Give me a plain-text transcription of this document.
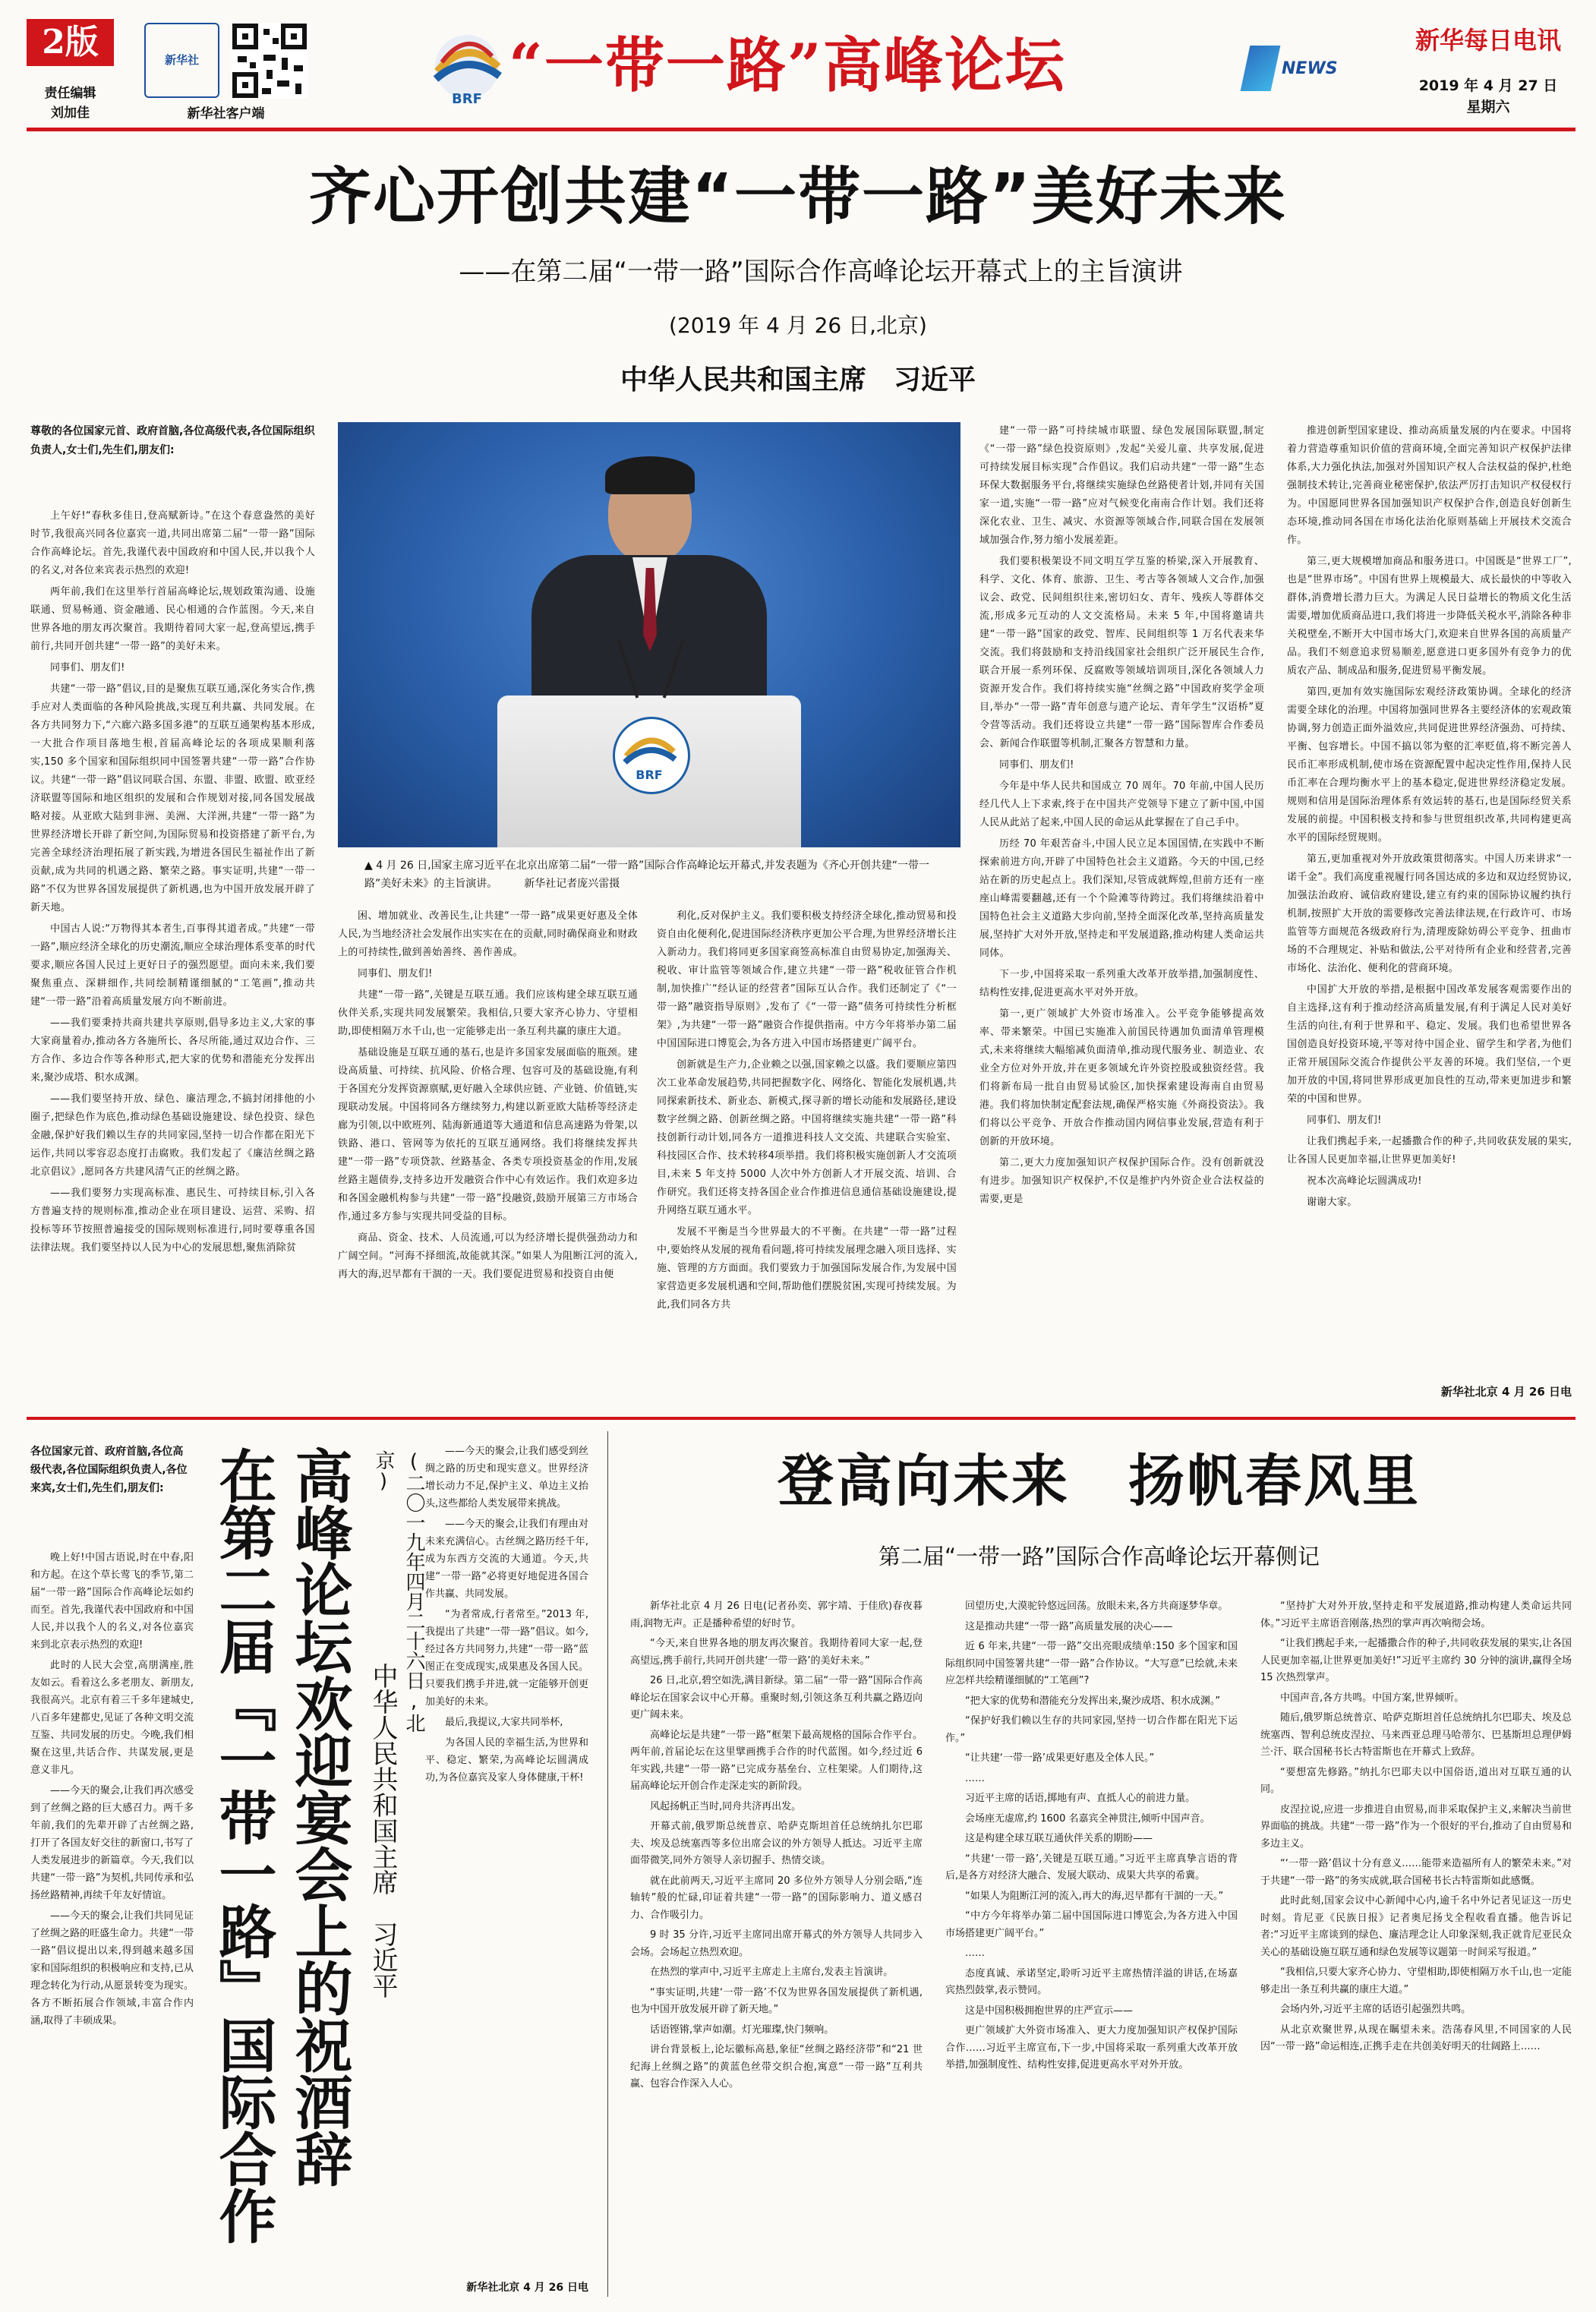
2版
责任编辑
刘加佳
新华社
新华社客户端
BRF “一带一路”高峰论坛	NEWS
新华每日电讯
2019 年 4 月 27 日
星期六
齐心开创共建“一带一路”美好未来
——在第二届“一带一路”国际合作高峰论坛开幕式上的主旨演讲
(2019 年 4 月 26 日,北京)
中华人民共和国主席　习近平
尊敬的各位国家元首、政府首脑,各位高级代表,各位国际组织负责人,女士们,先生们,朋友们:

上午好!“春秋多佳日,登高赋新诗。”在这个春意盎然的美好时节,我很高兴同各位嘉宾一道,共同出席第二届“一带一路”国际合作高峰论坛。首先,我谨代表中国政府和中国人民,并以我个人的名义,对各位来宾表示热烈的欢迎!

两年前,我们在这里举行首届高峰论坛,规划政策沟通、设施联通、贸易畅通、资金融通、民心相通的合作蓝图。今天,来自世界各地的朋友再次聚首。我期待着同大家一起,登高望远,携手前行,共同开创共建“一带一路”的美好未来。

同事们、朋友们!

共建“一带一路”倡议,目的是聚焦互联互通,深化务实合作,携手应对人类面临的各种风险挑战,实现互利共赢、共同发展。在各方共同努力下,“六廊六路多国多港”的互联互通架构基本形成,一大批合作项目落地生根,首届高峰论坛的各项成果顺利落实,150 多个国家和国际组织同中国签署共建“一带一路”合作协议。共建“一带一路”倡议同联合国、东盟、非盟、欧盟、欧亚经济联盟等国际和地区组织的发展和合作规划对接,同各国发展战略对接。从亚欧大陆到非洲、美洲、大洋洲,共建“一带一路”为世界经济增长开辟了新空间,为国际贸易和投资搭建了新平台,为完善全球经济治理拓展了新实践,为增进各国民生福祉作出了新贡献,成为共同的机遇之路、繁荣之路。事实证明,共建“一带一路”不仅为世界各国发展提供了新机遇,也为中国开放发展开辟了新天地。

中国古人说:“万物得其本者生,百事得其道者成。”共建“一带一路”,顺应经济全球化的历史潮流,顺应全球治理体系变革的时代要求,顺应各国人民过上更好日子的强烈愿望。面向未来,我们要聚焦重点、深耕细作,共同绘制精谨细腻的“工笔画”,推动共建“一带一路”沿着高质量发展方向不断前进。

——我们要秉持共商共建共享原则,倡导多边主义,大家的事大家商量着办,推动各方各施所长、各尽所能,通过双边合作、三方合作、多边合作等各种形式,把大家的优势和潜能充分发挥出来,聚沙成塔、积水成渊。

——我们要坚持开放、绿色、廉洁理念,不搞封闭排他的小圈子,把绿色作为底色,推动绿色基础设施建设、绿色投资、绿色金融,保护好我们赖以生存的共同家园,坚持一切合作都在阳光下运作,共同以零容忍态度打击腐败。我们发起了《廉洁丝绸之路北京倡议》,愿同各方共建风清气正的丝绸之路。

——我们要努力实现高标准、惠民生、可持续目标,引入各方普遍支持的规则标准,推动企业在项目建设、运营、采购、招投标等环节按照普遍接受的国际规则标准进行,同时要尊重各国法律法规。我们要坚持以人民为中心的发展思想,聚焦消除贫

BRF
▲ 4 月 26 日,国家主席习近平在北京出席第二届“一带一路”国际合作高峰论坛开幕式,并发表题为《齐心开创共建“一带一路”美好未来》的主旨演讲。　　　新华社记者庞兴雷摄

困、增加就业、改善民生,让共建“一带一路”成果更好惠及全体人民,为当地经济社会发展作出实实在在的贡献,同时确保商业和财政上的可持续性,做到善始善终、善作善成。

同事们、朋友们!

共建“一带一路”,关键是互联互通。我们应该构建全球互联互通伙伴关系,实现共同发展繁荣。我相信,只要大家齐心协力、守望相助,即使相隔万水千山,也一定能够走出一条互利共赢的康庄大道。

基础设施是互联互通的基石,也是许多国家发展面临的瓶颈。建设高质量、可持续、抗风险、价格合理、包容可及的基础设施,有利于各国充分发挥资源禀赋,更好融入全球供应链、产业链、价值链,实现联动发展。中国将同各方继续努力,构建以新亚欧大陆桥等经济走廊为引领,以中欧班列、陆海新通道等大通道和信息高速路为骨架,以铁路、港口、管网等为依托的互联互通网络。我们将继续发挥共建“一带一路”专项贷款、丝路基金、各类专项投资基金的作用,发展丝路主题债券,支持多边开发融资合作中心有效运作。我们欢迎多边和各国金融机构参与共建“一带一路”投融资,鼓励开展第三方市场合作,通过多方参与实现共同受益的目标。

商品、资金、技术、人员流通,可以为经济增长提供强劲动力和广阔空间。“河海不择细流,故能就其深。”如果人为阻断江河的流入,再大的海,迟早都有干涸的一天。我们要促进贸易和投资自由便

利化,反对保护主义。我们要积极支持经济全球化,推动贸易和投资自由化便利化,促进国际经济秩序更加公平合理,为世界经济增长注入新动力。我们将同更多国家商签高标准自由贸易协定,加强海关、税收、审计监管等领域合作,建立共建“一带一路”税收征管合作机制,加快推广“经认证的经营者”国际互认合作。我们还制定了《“一带一路”融资指导原则》,发布了《“一带一路”债务可持续性分析框架》,为共建“一带一路”融资合作提供指南。中方今年将举办第二届中国国际进口博览会,为各方进入中国市场搭建更广阔平台。

创新就是生产力,企业赖之以强,国家赖之以盛。我们要顺应第四次工业革命发展趋势,共同把握数字化、网络化、智能化发展机遇,共同探索新技术、新业态、新模式,探寻新的增长动能和发展路径,建设数字丝绸之路、创新丝绸之路。中国将继续实施共建“一带一路”科技创新行动计划,同各方一道推进科技人文交流、共建联合实验室、科技园区合作、技术转移4项举措。我们将积极实施创新人才交流项目,未来 5 年支持 5000 人次中外方创新人才开展交流、培训、合作研究。我们还将支持各国企业合作推进信息通信基础设施建设,提升网络互联互通水平。

发展不平衡是当今世界最大的不平衡。在共建“一带一路”过程中,要始终从发展的视角看问题,将可持续发展理念融入项目选择、实施、管理的方方面面。我们要致力于加强国际发展合作,为发展中国家营造更多发展机遇和空间,帮助他们摆脱贫困,实现可持续发展。为此,我们同各方共

建“一带一路”可持续城市联盟、绿色发展国际联盟,制定《“一带一路”绿色投资原则》,发起“关爱儿童、共享发展,促进可持续发展目标实现”合作倡议。我们启动共建“一带一路”生态环保大数据服务平台,将继续实施绿色丝路使者计划,并同有关国家一道,实施“一带一路”应对气候变化南南合作计划。我们还将深化农业、卫生、减灾、水资源等领域合作,同联合国在发展领域加强合作,努力缩小发展差距。

我们要积极架设不同文明互学互鉴的桥梁,深入开展教育、科学、文化、体育、旅游、卫生、考古等各领域人文合作,加强议会、政党、民间组织往来,密切妇女、青年、残疾人等群体交流,形成多元互动的人文交流格局。未来 5 年,中国将邀请共建“一带一路”国家的政党、智库、民间组织等 1 万名代表来华交流。我们将鼓励和支持沿线国家社会组织广泛开展民生合作,联合开展一系列环保、反腐败等领域培训项目,深化各领域人力资源开发合作。我们将持续实施“丝绸之路”中国政府奖学金项目,举办“一带一路”青年创意与遗产论坛、青年学生“汉语桥”夏令营等活动。我们还将设立共建“一带一路”国际智库合作委员会、新闻合作联盟等机制,汇聚各方智慧和力量。

同事们、朋友们!

今年是中华人民共和国成立 70 周年。70 年前,中国人民历经几代人上下求索,终于在中国共产党领导下建立了新中国,中国人民从此站了起来,中国人民的命运从此掌握在了自己手中。

历经 70 年艰苦奋斗,中国人民立足本国国情,在实践中不断探索前进方向,开辟了中国特色社会主义道路。今天的中国,已经站在新的历史起点上。我们深知,尽管成就辉煌,但前方还有一座座山峰需要翻越,还有一个个险滩等待跨过。我们将继续沿着中国特色社会主义道路大步向前,坚持全面深化改革,坚持高质量发展,坚持扩大对外开放,坚持走和平发展道路,推动构建人类命运共同体。

下一步,中国将采取一系列重大改革开放举措,加强制度性、结构性安排,促进更高水平对外开放。

第一,更广领域扩大外资市场准入。公平竞争能够提高效率、带来繁荣。中国已实施准入前国民待遇加负面清单管理模式,未来将继续大幅缩减负面清单,推动现代服务业、制造业、农业全方位对外开放,并在更多领域允许外资控股或独资经营。我们将新布局一批自由贸易试验区,加快探索建设海南自由贸易港。我们将加快制定配套法规,确保严格实施《外商投资法》。我们将以公平竞争、开放合作推动国内网信事业发展,营造有利于创新的开放环境。

第二,更大力度加强知识产权保护国际合作。没有创新就没有进步。加强知识产权保护,不仅是维护内外资企业合法权益的需要,更是

推进创新型国家建设、推动高质量发展的内在要求。中国将着力营造尊重知识价值的营商环境,全面完善知识产权保护法律体系,大力强化执法,加强对外国知识产权人合法权益的保护,杜绝强制技术转让,完善商业秘密保护,依法严厉打击知识产权侵权行为。中国愿同世界各国加强知识产权保护合作,创造良好创新生态环境,推动同各国在市场化法治化原则基础上开展技术交流合作。

第三,更大规模增加商品和服务进口。中国既是“世界工厂”,也是“世界市场”。中国有世界上规模最大、成长最快的中等收入群体,消费增长潜力巨大。为满足人民日益增长的物质文化生活需要,增加优质商品进口,我们将进一步降低关税水平,消除各种非关税壁垒,不断开大中国市场大门,欢迎来自世界各国的高质量产品。我们不刻意追求贸易顺差,愿意进口更多国外有竞争力的优质农产品、制成品和服务,促进贸易平衡发展。

第四,更加有效实施国际宏观经济政策协调。全球化的经济需要全球化的治理。中国将加强同世界各主要经济体的宏观政策协调,努力创造正面外溢效应,共同促进世界经济强劲、可持续、平衡、包容增长。中国不搞以邻为壑的汇率贬值,将不断完善人民币汇率形成机制,使市场在资源配置中起决定性作用,保持人民币汇率在合理均衡水平上的基本稳定,促进世界经济稳定发展。规则和信用是国际治理体系有效运转的基石,也是国际经贸关系发展的前提。中国积极支持和参与世贸组织改革,共同构建更高水平的国际经贸规则。

第五,更加重视对外开放政策贯彻落实。中国人历来讲求“一诺千金”。我们高度重视履行同各国达成的多边和双边经贸协议,加强法治政府、诚信政府建设,建立有约束的国际协议履约执行机制,按照扩大开放的需要修改完善法律法规,在行政许可、市场监管等方面规范各级政府行为,清理废除妨碍公平竞争、扭曲市场的不合理规定、补贴和做法,公平对待所有企业和经营者,完善市场化、法治化、便利化的营商环境。

中国扩大开放的举措,是根据中国改革发展客观需要作出的自主选择,这有利于推动经济高质量发展,有利于满足人民对美好生活的向往,有利于世界和平、稳定、发展。我们也希望世界各国创造良好投资环境,平等对待中国企业、留学生和学者,为他们正常开展国际交流合作提供公平友善的环境。我们坚信,一个更加开放的中国,将同世界形成更加良性的互动,带来更加进步和繁荣的中国和世界。

同事们、朋友们!

让我们携起手来,一起播撒合作的种子,共同收获发展的果实,让各国人民更加幸福,让世界更加美好!

祝本次高峰论坛圆满成功!

谢谢大家。

新华社北京 4 月 26 日电
各位国家元首、政府首脑,各位高级代表,各位国际组织负责人,各位来宾,女士们,先生们,朋友们:

晚上好!中国古语说,时在中春,阳和方起。在这个草长莺飞的季节,第二届“一带一路”国际合作高峰论坛如约而至。首先,我谨代表中国政府和中国人民,并以我个人的名义,对各位嘉宾来到北京表示热烈的欢迎!

此时的人民大会堂,高朋满座,胜友如云。看着这么多老朋友、新朋友,我很高兴。北京有着三千多年建城史,八百多年建都史,见证了各种文明交流互鉴、共同发展的历史。今晚,我们相聚在这里,共话合作、共谋发展,更是意义非凡。

——今天的聚会,让我们再次感受到了丝绸之路的巨大感召力。两千多年前,我们的先辈开辟了古丝绸之路,打开了各国友好交往的新窗口,书写了人类发展进步的新篇章。今天,我们以共建“一带一路”为契机,共同传承和弘扬丝路精神,再续千年友好情谊。

——今天的聚会,让我们共同见证了丝绸之路的旺盛生命力。共建“一带一路”倡议提出以来,得到越来越多国家和国际组织的积极响应和支持,已从理念转化为行动,从愿景转变为现实。各方不断拓展合作领域,丰富合作内涵,取得了丰硕成果。	在第二届『一带一路』国际合作 高峰论坛欢迎宴会上的祝酒辞 中华人民共和国主席　习近平
(二〇一九年四月二十六日,北京)	——今天的聚会,让我们感受到丝绸之路的历史和现实意义。世界经济增长动力不足,保护主义、单边主义抬头,这些都给人类发展带来挑战。

——今天的聚会,让我们有理由对未来充满信心。古丝绸之路历经千年,成为东西方交流的大通道。今天,共建“一带一路”必将更好地促进各国合作共赢、共同发展。

“为者常成,行者常至。”2013 年,我提出了共建“一带一路”倡议。如今,经过各方共同努力,共建“一带一路”蓝图正在变成现实,成果惠及各国人民。只要我们携手并进,就一定能够开创更加美好的未来。

最后,我提议,大家共同举杯,

为各国人民的幸福生活,为世界和平、稳定、繁荣,为高峰论坛圆满成功,为各位嘉宾及家人身体健康,干杯!

新华社北京 4 月 26 日电
登高向未来　扬帆春风里
第二届“一带一路”国际合作高峰论坛开幕侧记

新华社北京 4 月 26 日电(记者孙奕、郭宇靖、于佳欣)春夜暮雨,润物无声。正是播种希望的好时节。

“今天,来自世界各地的朋友再次聚首。我期待着同大家一起,登高望远,携手前行,共同开创共建‘一带一路’的美好未来。”

26 日,北京,碧空如洗,满目新绿。第二届“一带一路”国际合作高峰论坛在国家会议中心开幕。重聚时刻,引领这条互利共赢之路迈向更广阔未来。

高峰论坛是共建“一带一路”框架下最高规格的国际合作平台。两年前,首届论坛在这里擘画携手合作的时代蓝图。如今,经过近 6 年实践,共建“一带一路”已完成夯基垒台、立柱架梁。人们期待,这届高峰论坛开创合作走深走实的新阶段。

风起扬帆正当时,同舟共济再出发。

开幕式前,俄罗斯总统普京、哈萨克斯坦首任总统纳扎尔巴耶夫、埃及总统塞西等多位出席会议的外方领导人抵达。习近平主席面带微笑,同外方领导人亲切握手、热情交谈。

就在此前两天,习近平主席同 20 多位外方领导人分别会晤,“连轴转”般的忙碌,印证着共建“一带一路”的国际影响力、道义感召力、合作吸引力。

9 时 35 分许,习近平主席同出席开幕式的外方领导人共同步入会场。会场起立热烈欢迎。

在热烈的掌声中,习近平主席走上主席台,发表主旨演讲。

“事实证明,共建‘一带一路’不仅为世界各国发展提供了新机遇,也为中国开放发展开辟了新天地。”

话语铿锵,掌声如潮。灯光璀璨,快门频响。

讲台背景板上,论坛徽标高悬,象征“丝绸之路经济带”和“21 世纪海上丝绸之路”的黄蓝色丝带交织合抱,寓意“一带一路”互利共赢、包容合作深入人心。

回望历史,大漠驼铃悠远回荡。放眼未来,各方共商逐梦华章。

这是推动共建“一带一路”高质量发展的决心——

近 6 年来,共建“一带一路”交出亮眼成绩单:150 多个国家和国际组织同中国签署共建“一带一路”合作协议。“大写意”已绘就,未来应怎样共绘精谨细腻的“工笔画”?

“把大家的优势和潜能充分发挥出来,聚沙成塔、积水成渊。”

“保护好我们赖以生存的共同家园,坚持一切合作都在阳光下运作。”

“让共建‘一带一路’成果更好惠及全体人民。”

……

习近平主席的话语,掷地有声、直抵人心的前进力量。

会场座无虚席,约 1600 名嘉宾全神贯注,倾听中国声音。

这是构建全球互联互通伙伴关系的期盼——

“共建‘一带一路’,关键是互联互通。”习近平主席真挚言语的背后,是各方对经济大融合、发展大联动、成果大共享的希冀。

“如果人为阻断江河的流入,再大的海,迟早都有干涸的一天。”

“中方今年将举办第二届中国国际进口博览会,为各方进入中国市场搭建更广阔平台。”

……

态度真诚、承诺坚定,聆听习近平主席热情洋溢的讲话,在场嘉宾热烈鼓掌,表示赞同。

这是中国积极拥抱世界的庄严宣示——

更广领域扩大外资市场准入、更大力度加强知识产权保护国际合作……习近平主席宣布,下一步,中国将采取一系列重大改革开放举措,加强制度性、结构性安排,促进更高水平对外开放。

“坚持扩大对外开放,坚持走和平发展道路,推动构建人类命运共同体。”习近平主席语音刚落,热烈的掌声再次响彻会场。

“让我们携起手来,一起播撒合作的种子,共同收获发展的果实,让各国人民更加幸福,让世界更加美好!”习近平主席约 30 分钟的演讲,赢得全场 15 次热烈掌声。

中国声音,各方共鸣。中国方案,世界倾听。

随后,俄罗斯总统普京、哈萨克斯坦首任总统纳扎尔巴耶夫、埃及总统塞西、智利总统皮涅拉、马来西亚总理马哈蒂尔、巴基斯坦总理伊姆兰·汗、联合国秘书长古特雷斯也在开幕式上致辞。

“要想富先修路。”纳扎尔巴耶夫以中国俗语,道出对互联互通的认同。

皮涅拉说,应进一步推进自由贸易,而非采取保护主义,来解决当前世界面临的挑战。共建“一带一路”作为一个很好的平台,推动了自由贸易和多边主义。

“‘一带一路’倡议十分有意义……能带来造福所有人的繁荣未来。”对于共建“一带一路”的务实成就,联合国秘书长古特雷斯如此感慨。

此时此刻,国家会议中心新闻中心内,逾千名中外记者见证这一历史时刻。肯尼亚《民族日报》记者奥尼扬戈全程收看直播。他告诉记者:“习近平主席谈到的绿色、廉洁理念让人印象深刻,我正就肯尼亚民众关心的基础设施互联互通和绿色发展等议题第一时间采写报道。”

“我相信,只要大家齐心协力、守望相助,即使相隔万水千山,也一定能够走出一条互利共赢的康庄大道。”

会场内外,习近平主席的话语引起强烈共鸣。

从北京欢聚世界,从现在瞩望未来。浩荡春风里,不同国家的人民因“一带一路”命运相连,正携手走在共创美好明天的壮阔路上……
